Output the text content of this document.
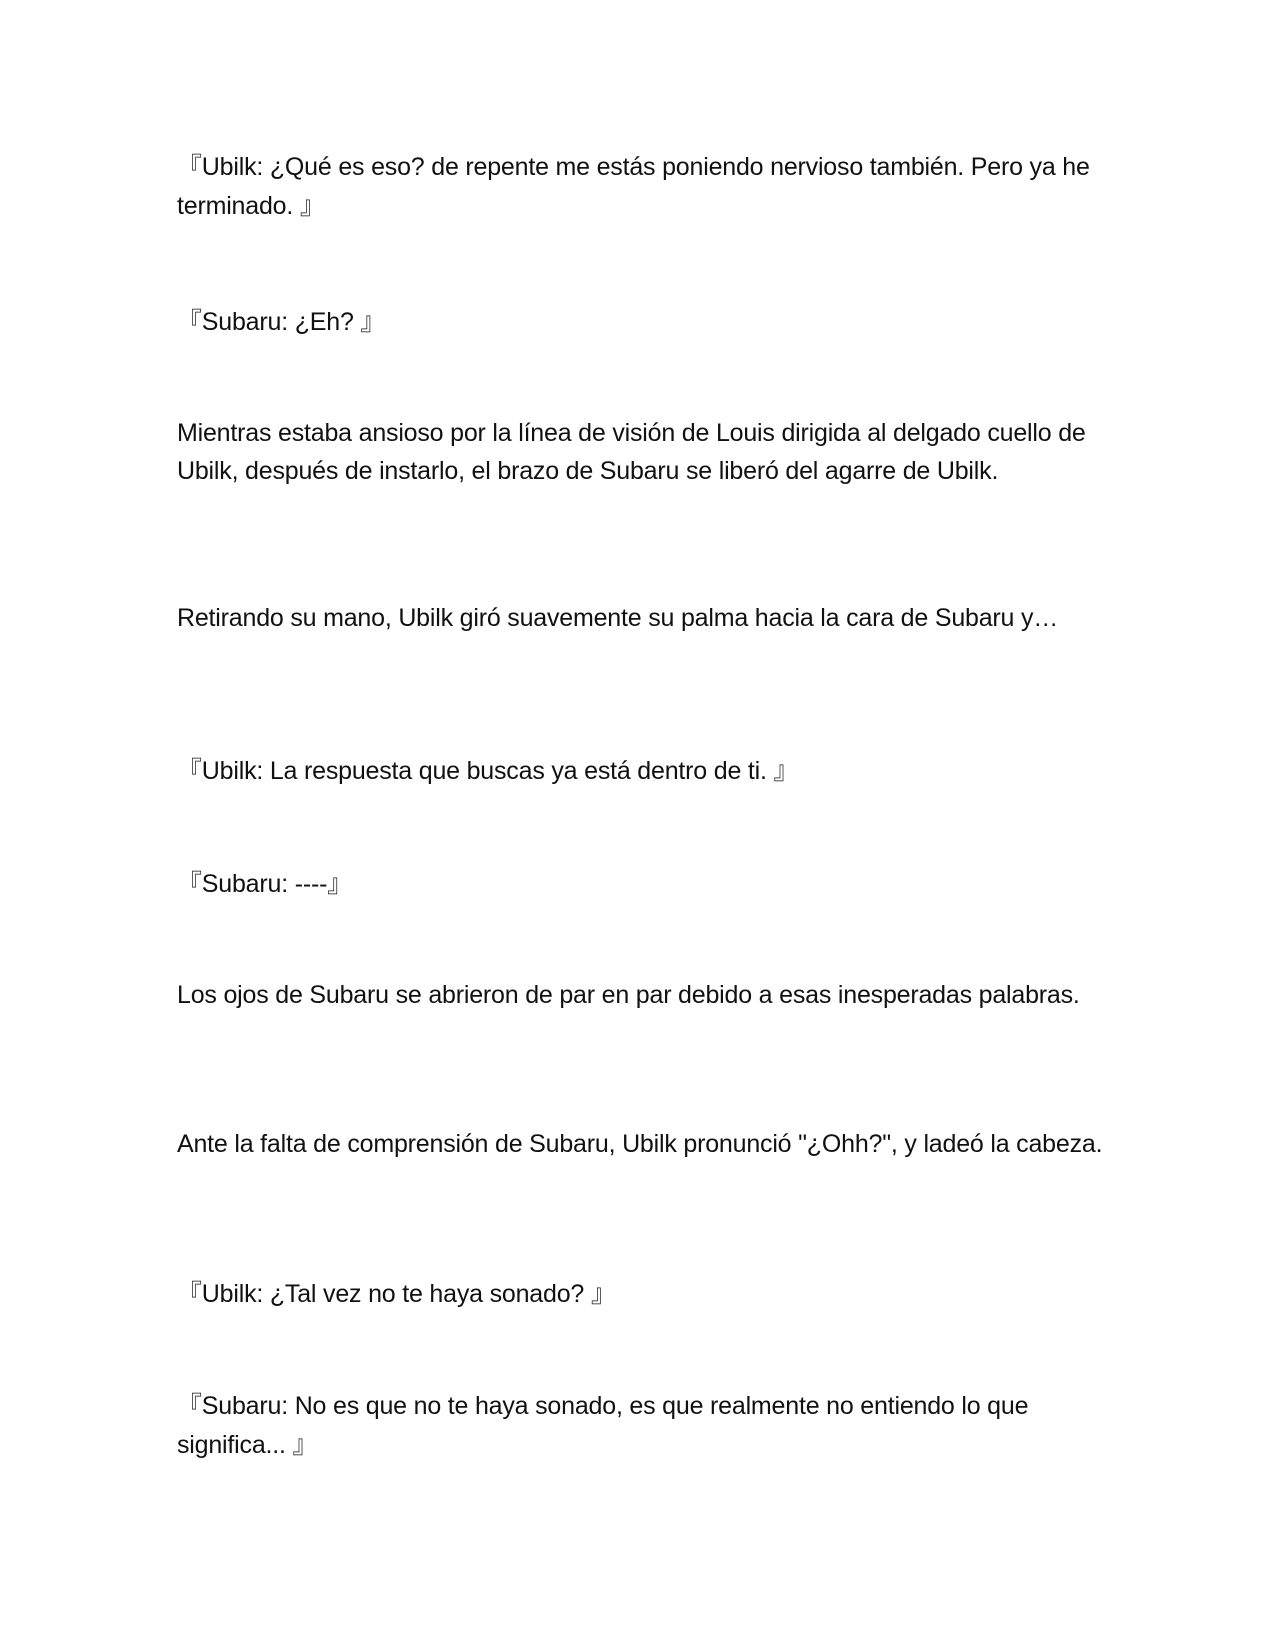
『Ubilk: ¿Qué es eso? de repente me estás poniendo nervioso también. Pero ya he terminado. 』

『Subaru: ¿Eh? 』

Mientras estaba ansioso por la línea de visión de Louis dirigida al delgado cuello de Ubilk, después de instarlo, el brazo de Subaru se liberó del agarre de Ubilk.

Retirando su mano, Ubilk giró suavemente su palma hacia la cara de Subaru y…

『Ubilk: La respuesta que buscas ya está dentro de ti. 』

『Subaru: ----』

Los ojos de Subaru se abrieron de par en par debido a esas inesperadas palabras.

Ante la falta de comprensión de Subaru, Ubilk pronunció "¿Ohh?", y ladeó la cabeza.

『Ubilk: ¿Tal vez no te haya sonado? 』

『Subaru: No es que no te haya sonado, es que realmente no entiendo lo que significa... 』
